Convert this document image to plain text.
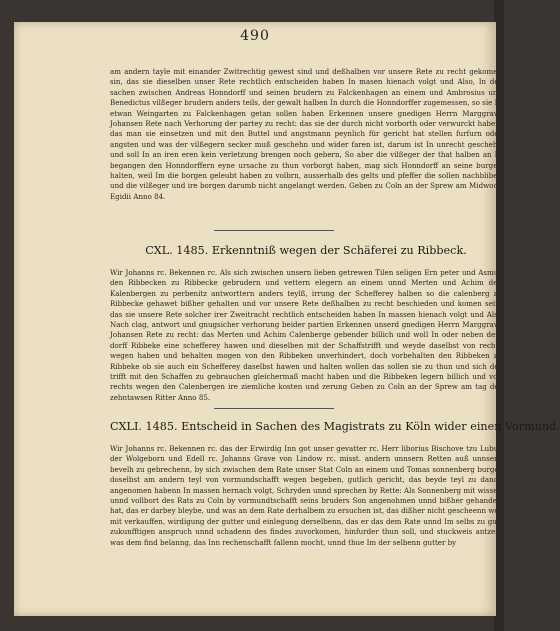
490
am andern tayle mit einander Zwitrechtig gewest sind und deßhalben vor unsere Rete zu recht gekomen sin, das sie dieselben unser Rete rechtlich entscheiden haben In masen hienach volgt und Also, In der sachen zwischen Andreas Honndorff und seinen brudern zu Falckenhagen an einem und Ambrosius und Benedictus vilßeger brudern anders teils, der gewalt halben In durch die Honndorffer zugemessen, so sie In etwan Weingarten zu Falckenhagen getan sollen haben Erkennen unsere gnedigen Herrn Marggrave Johansen Rete nach Verhorung der partey zu recht: das sie der durch nicht vorborth oder verwurckt haben, das man sie einsetzen und mit den Buttel und angstmann peynlich für gericht hat stellen furfurn oder angsten und was der vilßegern secker muß geschehn und wider faren ist, darum ist In unrecht geschehn und soll In an iren eren kein verletzung brengen noch gebern, So aber die vilßeger der that halben an In begangen den Honndorffern eyne ursache zu thun vorborgt haben, mag sich Honndorff an seine burgen halten, weil Im die borgen geleubt haben zu volbrn, ausserhalb des gelts und pfeffer die sollen nachbliben und die vilßeger und ire borgen darumb nicht angelangt werden. Geben zu Coln an der Sprew am Midwoch Egidii Anno 84.
CXL. 1485. Erkenntniß wegen der Schäferei zu Ribbeck.
Wir Johanns rc. Bekennen rc. Als sich zwischen unsern lieben getrewen Tilen seligen Ern peter und Asmus den Ribbecken zu Ribbecke gebrudern und vettern elegern an einem unnd Merten und Achim den Kalenbergen zu perbenitz antworttern anders teylß, irrung der Schefferey halben so die calenberg zu Ribbecke gehawet bißher gehalten und vor unsere Rete deßhalben zu recht beschieden und komen sein, das sie unsere Rete solcher irer Zweitracht rechtlich entscheiden haben In massen hienach volgt und Also Nach clag, antwort und gnugsicher verhorung beider partien Erkennen unserd gnedigen Herrn Marggrave Johansen Rete zu recht: das Merten und Achim Calenberge gebender billich und woll In oder neben dem dorff Ribbeke eine schefferey hawen und dieselben mit der Schaffstrifft und weyde daselbst von rechts wegen haben und behalten mogen von den Ribbeken unverhindert, doch vorbehalten den Ribbeken zu Ribbeke ob sie auch ein Schefferey daselbst hawen und halten wollen das sollen sie zu thun und sich der trifft mit den Schaffen zu gebrauchen gleichermaß macht haben und die Ribbeken legern billich und von rechts wegen den Calenbergen ire ziemliche kosten und zerung Geben zu Coln an der Sprew am tag der zehntawsen Ritter Anno 85.
CXLI. 1485. Entscheid in Sachen des Magistrats zu Köln wider einen Vormund.
Wir Johanns rc. Bekennen rc. das der Erwirdig Inn got unser gevatter rc. Herr liborius Bischove tzu Lubus der Wolgeborn und Edell rc. Johanns Grave von Lindow rc. misst. andern unnsern Retten auß unnsern bevelh zu gebrechenn, by sich zwischen dem Rate unser Stat Coln an einem und Tomas sonnenberg burger doselbst am andern teyl von vormundschafft wegen begeben, gutlich gericht, das beyde teyl zu danck angenomen habenn In massen hernach volgt, Schryden unnd sprechen by Rette: Als Sonnenberg mit wissen unnd vollbort des Rats zu Coln by vormundtschafft seins bruders Son angenohmen unnd bißher gehandelt hat, das er darbey bleybe, und was an dem Rate derhalbem zu ersuchen ist, das dißher nicht gescheenn wer mit verkauffen, wirdigung der gutter und einlegung derselbenn, das er das dem Rate unnd Im selbs zu gut, zukunfftigen anspruch unnd schadenn des findes zuvorkomen, hinfurder thun soll, und stuckweis antzeig was dem find belanng, das Inn rechenschafft fallenn mocht, unnd thue Im der selbenn gutter by
